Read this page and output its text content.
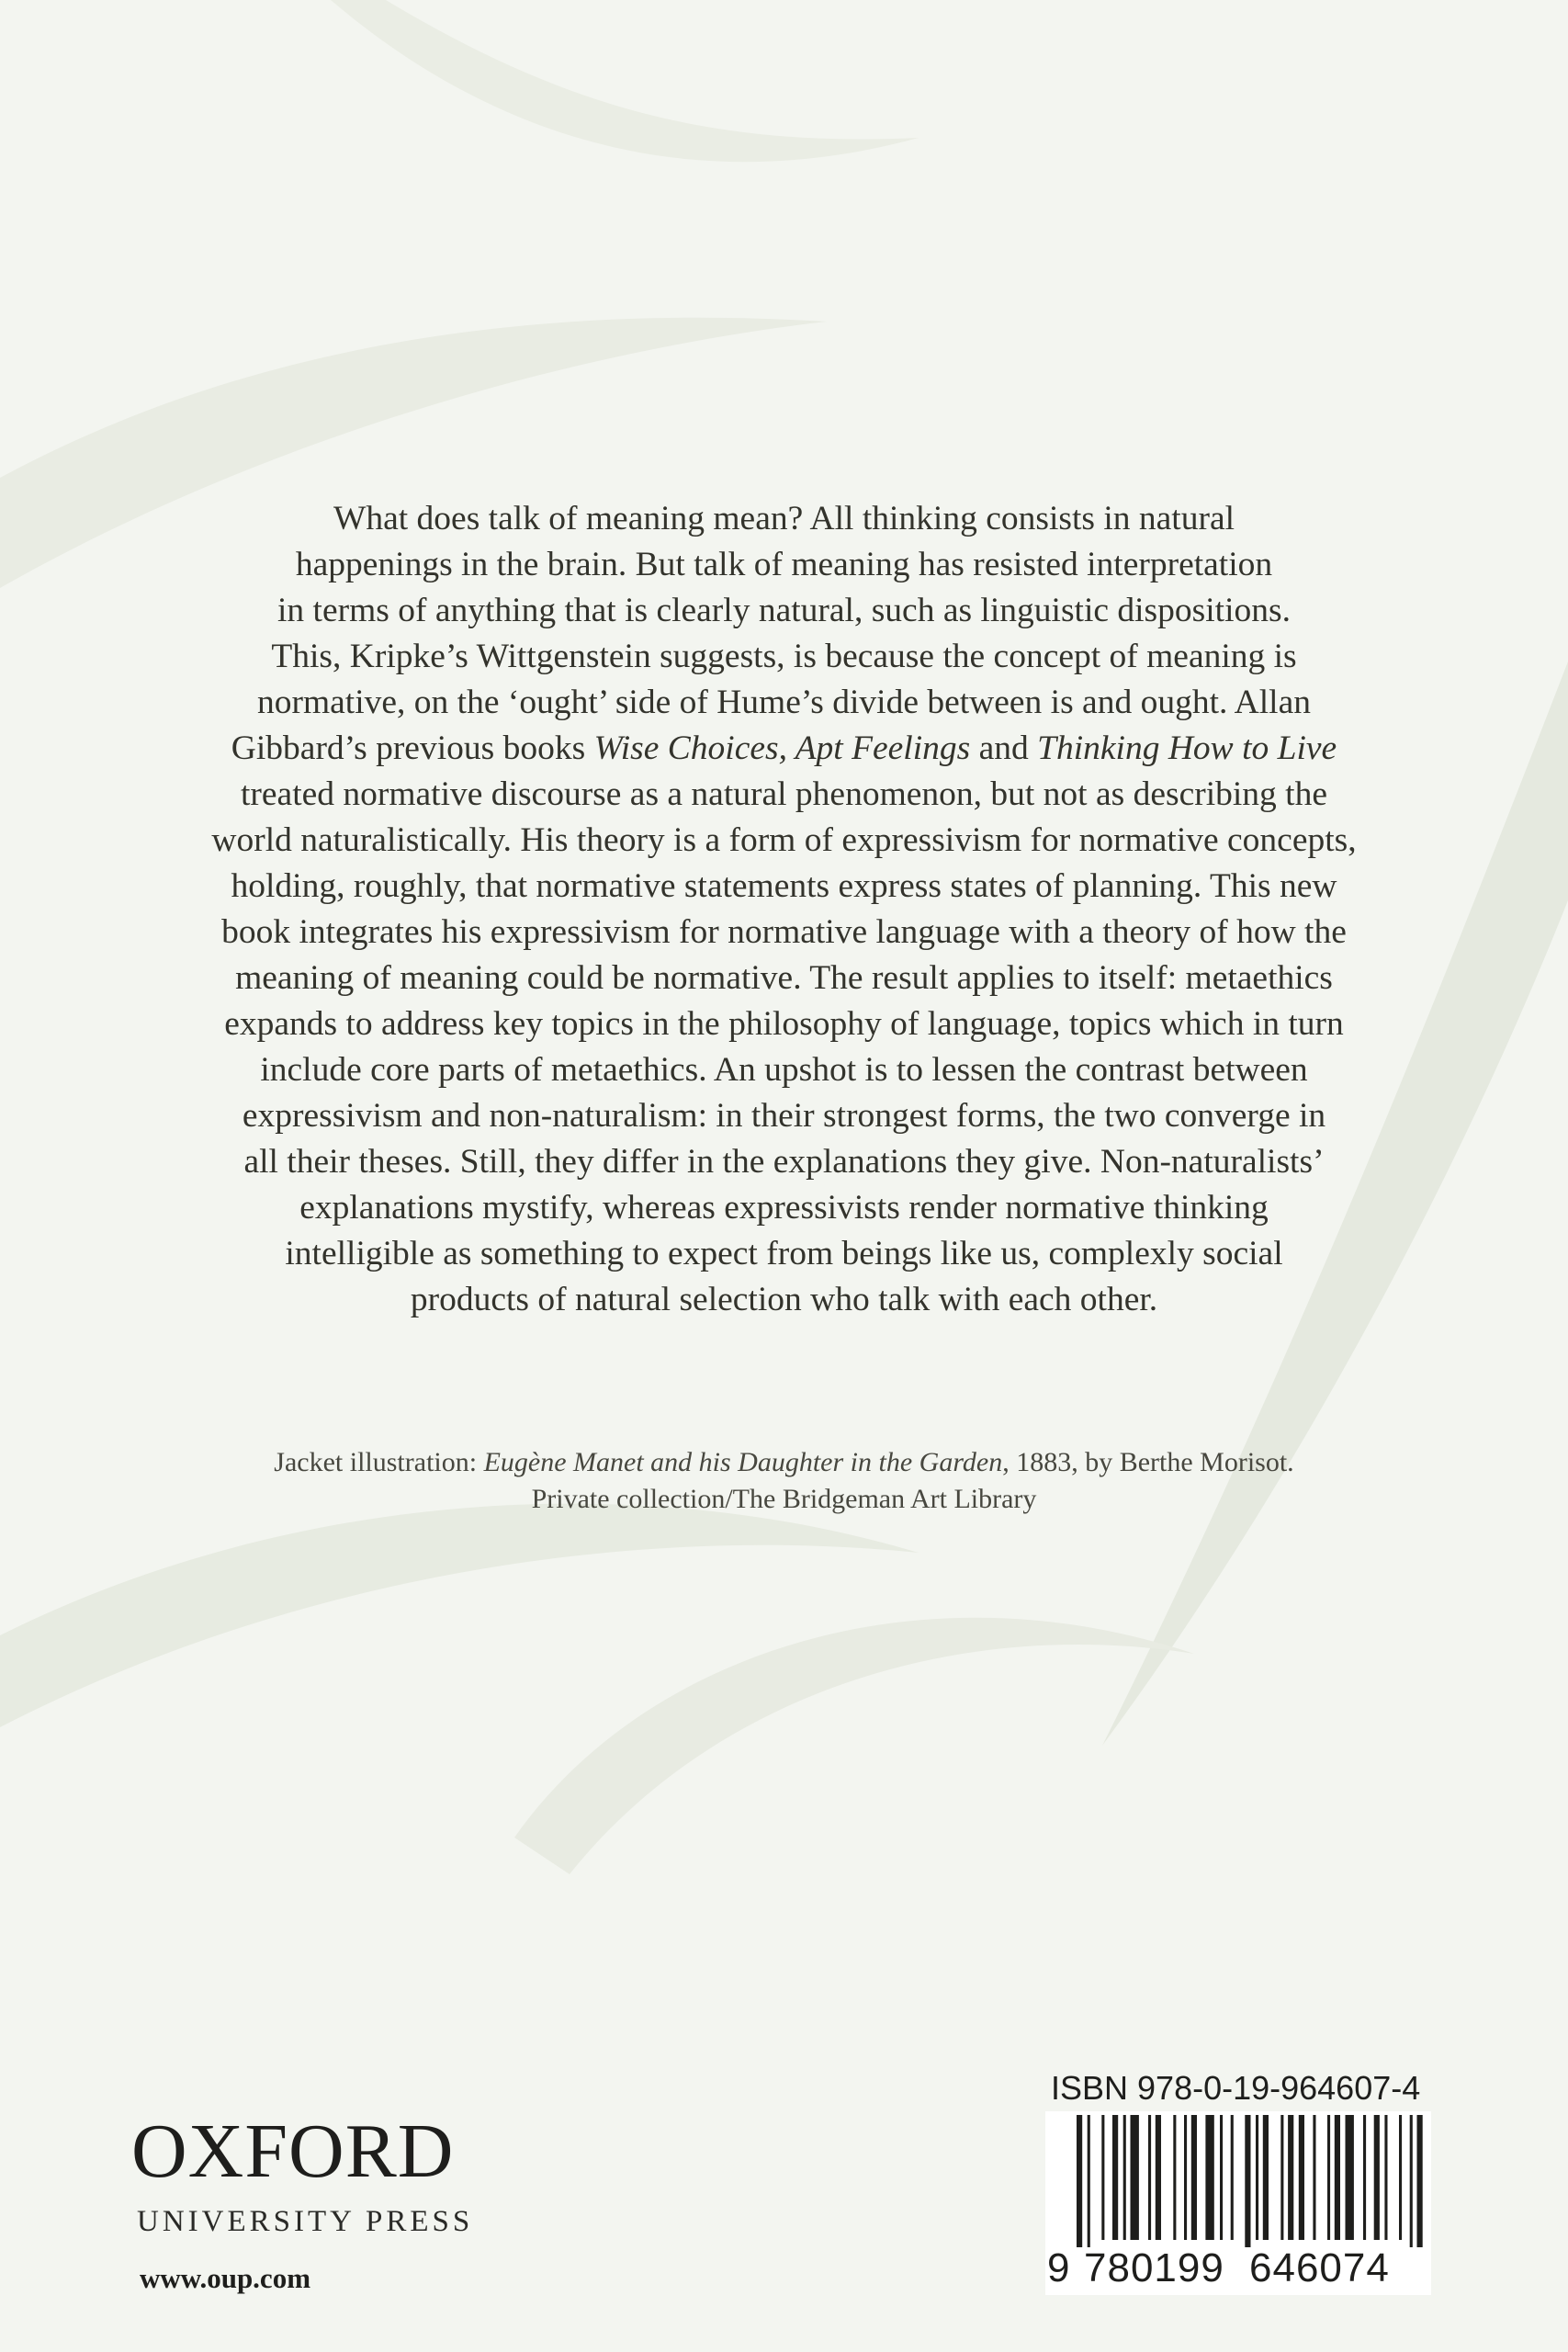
What does talk of meaning mean? All thinking consists in natural

happenings in the brain. But talk of meaning has resisted interpretation

in terms of anything that is clearly natural, such as linguistic dispositions.

This, Kripke’s Wittgenstein suggests, is because the concept of meaning is

normative, on the ‘ought’ side of Hume’s divide between is and ought. Allan

Gibbard’s previous books Wise Choices, Apt Feelings and Thinking How to Live

treated normative discourse as a natural phenomenon, but not as describing the

world naturalistically. His theory is a form of expressivism for normative concepts,

holding, roughly, that normative statements express states of planning. This new

book integrates his expressivism for normative language with a theory of how the

meaning of meaning could be normative. The result applies to itself: metaethics

expands to address key topics in the philosophy of language, topics which in turn

include core parts of metaethics. An upshot is to lessen the contrast between

expressivism and non-naturalism: in their strongest forms, the two converge in

all their theses. Still, they differ in the explanations they give. Non-naturalists’

explanations mystify, whereas expressivists render normative thinking

intelligible as something to expect from beings like us, complexly social

products of natural selection who talk with each other.

Jacket illustration: Eugène Manet and his Daughter in the Garden, 1883, by Berthe Morisot.

Private collection/The Bridgeman Art Library

OXFORD
UNIVERSITY PRESS
www.oup.com
ISBN 978-0-19-964607-4
9 780199 646074
